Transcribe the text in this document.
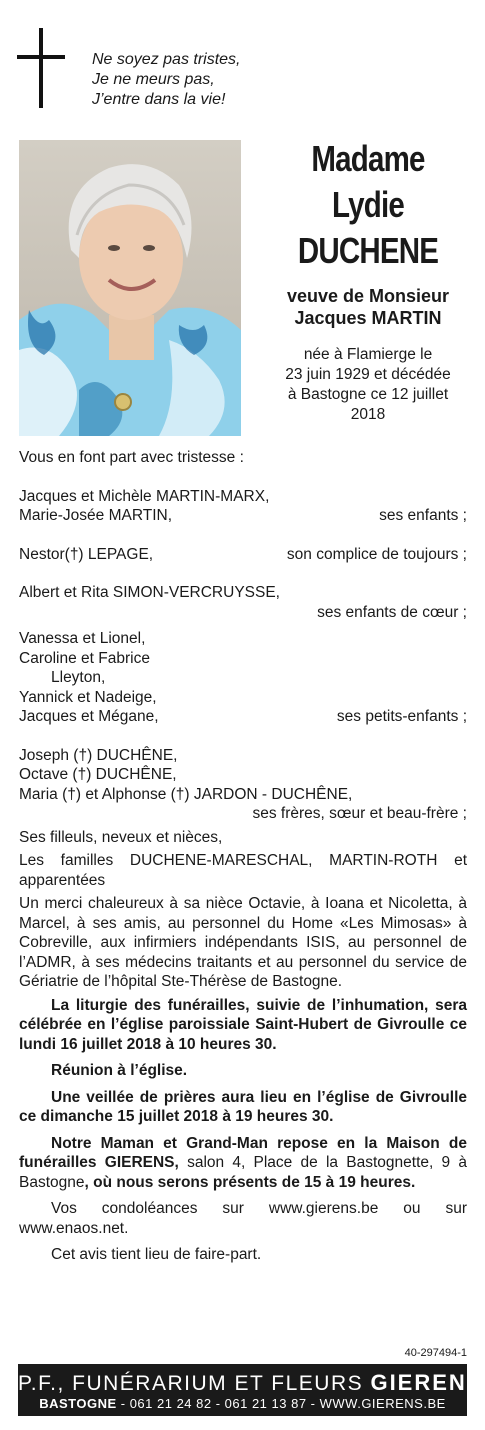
Ne soyez pas tristes,
Je ne meurs pas,
J’entre dans la vie!
Madame
Lydie
DUCHENE
veuve de Monsieur
Jacques MARTIN
née à Flamierge le
23 juin 1929 et décédée
à Bastogne ce 12 juillet
2018

Vous en font part avec tristesse :

Jacques et Michèle MARTIN-MARX,

Marie-Josée MARTIN,	ses enfants ;
Nestor(†) LEPAGE,	son complice de toujours ;

Albert et Rita SIMON-VERCRUYSSE,

ses enfants de cœur ;

Vanessa et Lionel,

Caroline et Fabrice

Lleyton,

Yannick et Nadeige,

Jacques et Mégane,	ses petits-enfants ;

Joseph (†) DUCHÊNE,

Octave (†) DUCHÊNE,

Maria (†) et Alphonse (†) JARDON - DUCHÊNE,

ses frères, sœur et beau-frère ;

Ses filleuls, neveux et nièces,

Les familles DUCHENE-MARESCHAL, MARTIN-ROTH et apparentées

Un merci chaleureux à sa nièce Octavie, à Ioana et Nicoletta, à Marcel, à ses amis, au personnel du Home «Les Mimosas» à Cobreville, aux infirmiers indépendants ISIS, au personnel de l’ADMR, à ses médecins traitants et au personnel du service de Gériatrie de l’hôpital Ste-Thérèse de Bastogne.

La liturgie des funérailles, suivie de l’inhumation, sera célébrée en l’église paroissiale Saint-Hubert de Givroulle ce lundi 16 juillet 2018 à 10 heures 30.

Réunion à l’église.

Une veillée de prières aura lieu en l’église de Givroulle ce dimanche 15 juillet 2018 à 19 heures 30.

Notre Maman et Grand-Man repose en la Maison de funérailles GIERENS, salon 4, Place de la Bastognette, 9 à Bastogne, où nous serons présents de 15 à 19 heures.

Vos condoléances sur www.gierens.be ou sur www.enaos.net.

Cet avis tient lieu de faire-part.

40-297494-1
P.F., FUNÉRARIUM ET FLEURS GIERENS
BASTOGNE - 061 21 24 82 - 061 21 13 87 - WWW.GIERENS.BE
